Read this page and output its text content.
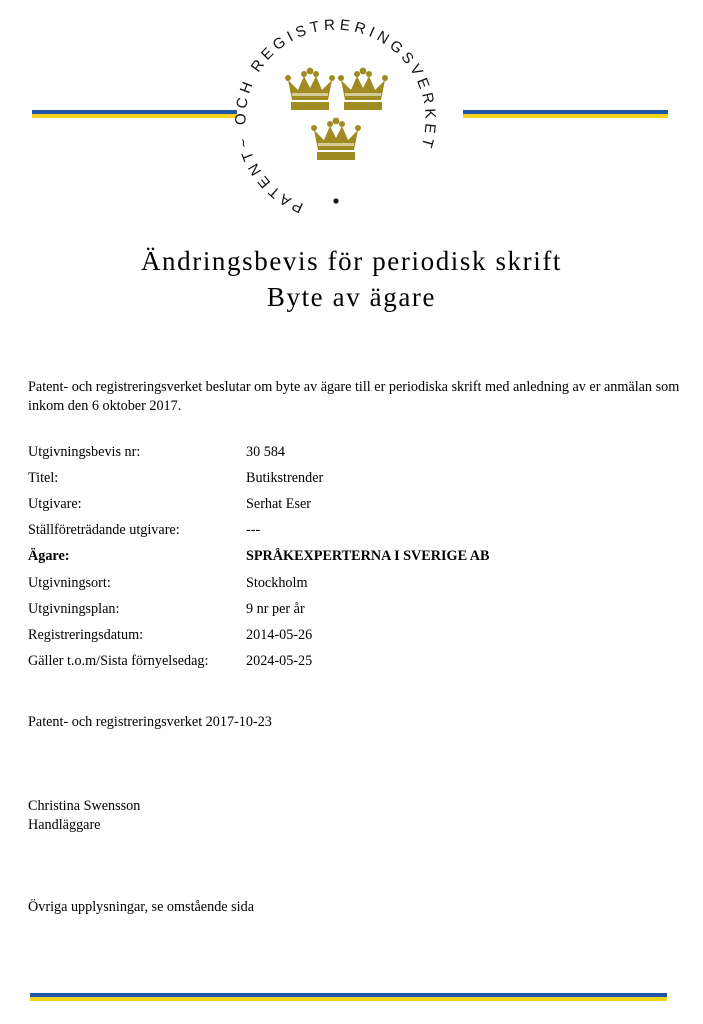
PATENT~ OCH REGISTRERINGSVERKET
Ändringsbevis för periodisk skrift
Byte av ägare
Patent- och registreringsverket beslutar om byte av ägare till er periodiska skrift med anledning av er anmälan som inkom den 6 oktober 2017.
Utgivningsbevis nr:	30 584
Titel:	Butikstrender
Utgivare:	Serhat Eser
Ställföreträdande utgivare:	---
Ägare:	SPRÅKEXPERTERNA I SVERIGE AB
Utgivningsort:	Stockholm
Utgivningsplan:	9 nr per år
Registreringsdatum:	2014-05-26
Gäller t.o.m/Sista förnyelsedag:	2024-05-25
Patent- och registreringsverket 2017-10-23
Christina Swensson
Handläggare
Övriga upplysningar, se omstående sida
